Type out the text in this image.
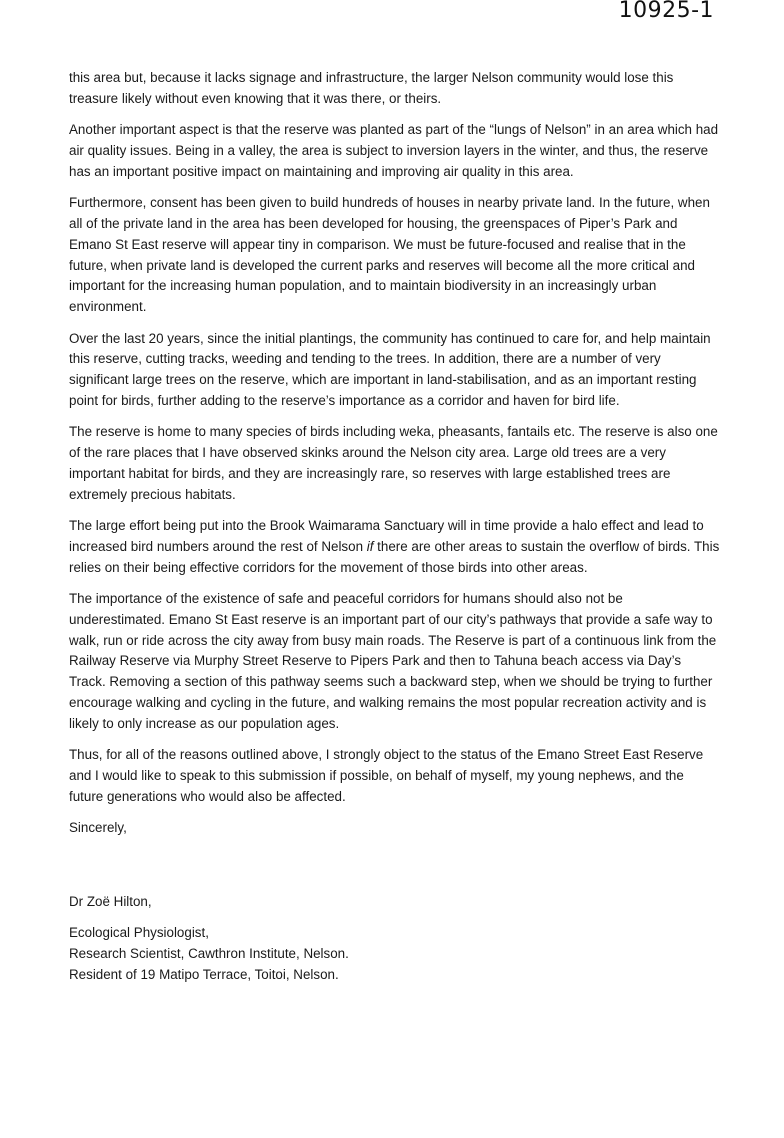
10925-1

this area but, because it lacks signage and infrastructure, the larger Nelson community would lose this treasure likely without even knowing that it was there, or theirs.

Another important aspect is that the reserve was planted as part of the “lungs of Nelson” in an area which had air quality issues. Being in a valley, the area is subject to inversion layers in the winter, and thus, the reserve has an important positive impact on maintaining and improving air quality in this area.

Furthermore, consent has been given to build hundreds of houses in nearby private land. In the future, when all of the private land in the area has been developed for housing, the greenspaces of Piper’s Park and Emano St East reserve will appear tiny in comparison. We must be future-focused and realise that in the future, when private land is developed the current parks and reserves will become all the more critical and important for the increasing human population, and to maintain biodiversity in an increasingly urban environment.

Over the last 20 years, since the initial plantings, the community has continued to care for, and help maintain this reserve, cutting tracks, weeding and tending to the trees. In addition, there are a number of very significant large trees on the reserve, which are important in land-stabilisation, and as an important resting point for birds, further adding to the reserve’s importance as a corridor and haven for bird life.

The reserve is home to many species of birds including weka, pheasants, fantails etc. The reserve is also one of the rare places that I have observed skinks around the Nelson city area. Large old trees are a very important habitat for birds, and they are increasingly rare, so reserves with large established trees are extremely precious habitats.

The large effort being put into the Brook Waimarama Sanctuary will in time provide a halo effect and lead to increased bird numbers around the rest of Nelson if there are other areas to sustain the overflow of birds. This relies on their being effective corridors for the movement of those birds into other areas.

The importance of the existence of safe and peaceful corridors for humans should also not be underestimated. Emano St East reserve is an important part of our city’s pathways that provide a safe way to walk, run or ride across the city away from busy main roads. The Reserve is part of a continuous link from the Railway Reserve via Murphy Street Reserve to Pipers Park and then to Tahuna beach access via Day’s Track. Removing a section of this pathway seems such a backward step, when we should be trying to further encourage walking and cycling in the future, and walking remains the most popular recreation activity and is likely to only increase as our population ages.

Thus, for all of the reasons outlined above, I strongly object to the status of the Emano Street East Reserve and I would like to speak to this submission if possible, on behalf of myself, my young nephews, and the future generations who would also be affected.

Sincerely,

Dr Zoë Hilton,

Ecological Physiologist,
Research Scientist, Cawthron Institute, Nelson.
Resident of 19 Matipo Terrace, Toitoi, Nelson.
